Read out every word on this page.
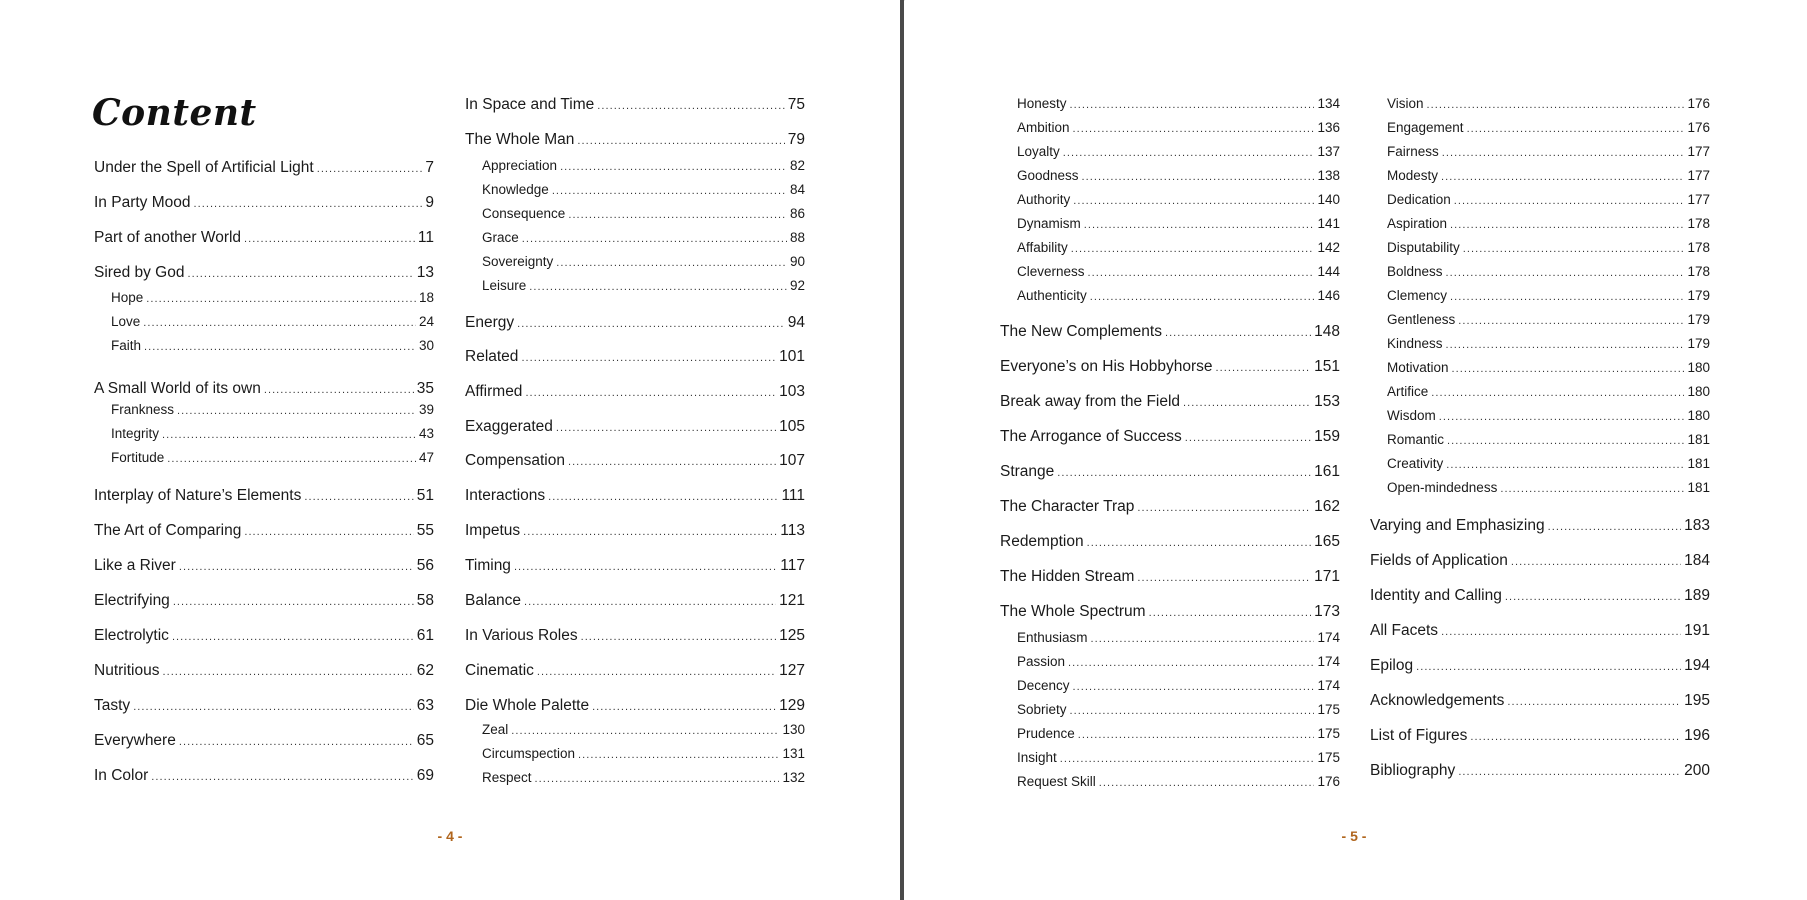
Content
Under the Spell of Artificial Light . . .	7
In Party Mood . . .	9
Part of another World . . .	11
Sired by God . . .	13
Hope . . .	18
Love . . .	24
Faith . . .	30
A Small World of its own . . .	35
Frankness . . .	39
Integrity . . .	43
Fortitude . . .	47
Interplay of Nature’s Elements . . .	51
The Art of Comparing . . .	55
Like a River . . .	56
Electrifying . . .	58
Electrolytic . . .	61
Nutritious . . .	62
Tasty . . .	63
Everywhere . . .	65
In Color . . .	69
In Space and Time . . .	75
The Whole Man . . .	79
Appreciation . . .	82
Knowledge . . .	84
Consequence . . .	86
Grace . . .	88
Sovereignty . . .	90
Leisure . . .	92
Energy . . .	94
Related . . .	101
Affirmed . . .	103
Exaggerated . . .	105
Compensation . . .	107
Interactions . . .	111
Impetus . . .	113
Timing . . .	117
Balance . . .	121
In Various Roles . . .	125
Cinematic . . .	127
Die Whole Palette . . .	129
Zeal . . .	130
Circumspection . . .	131
Respect . . .	132
- 4 -
Honesty . . .	134
Ambition . . .	136
Loyalty . . .	137
Goodness . . .	138
Authority . . .	140
Dynamism . . .	141
Affability . . .	142
Cleverness . . .	144
Authenticity . . .	146
The New Complements . . .	148
Everyone’s on His Hobbyhorse . . .	151
Break away from the Field . . .	153
The Arrogance of Success . . .	159
Strange . . .	161
The Character Trap . . .	162
Redemption . . .	165
The Hidden Stream . . .	171
The Whole Spectrum . . .	173
Enthusiasm . . .	174
Passion . . .	174
Decency . . .	174
Sobriety . . .	175
Prudence . . .	175
Insight . . .	175
Request Skill . . .	176
Vision . . .	176
Engagement . . .	176
Fairness . . .	177
Modesty . . .	177
Dedication . . .	177
Aspiration . . .	178
Disputability . . .	178
Boldness . . .	178
Clemency . . .	179
Gentleness . . .	179
Kindness . . .	179
Motivation . . .	180
Artifice . . .	180
Wisdom . . .	180
Romantic . . .	181
Creativity . . .	181
Open-mindedness . . .	181
Varying and Emphasizing . . .	183
Fields of Application . . .	184
Identity and Calling . . .	189
All Facets . . .	191
Epilog . . .	194
Acknowledgements . . .	195
List of Figures . . .	196
Bibliography . . .	200
- 5 -
